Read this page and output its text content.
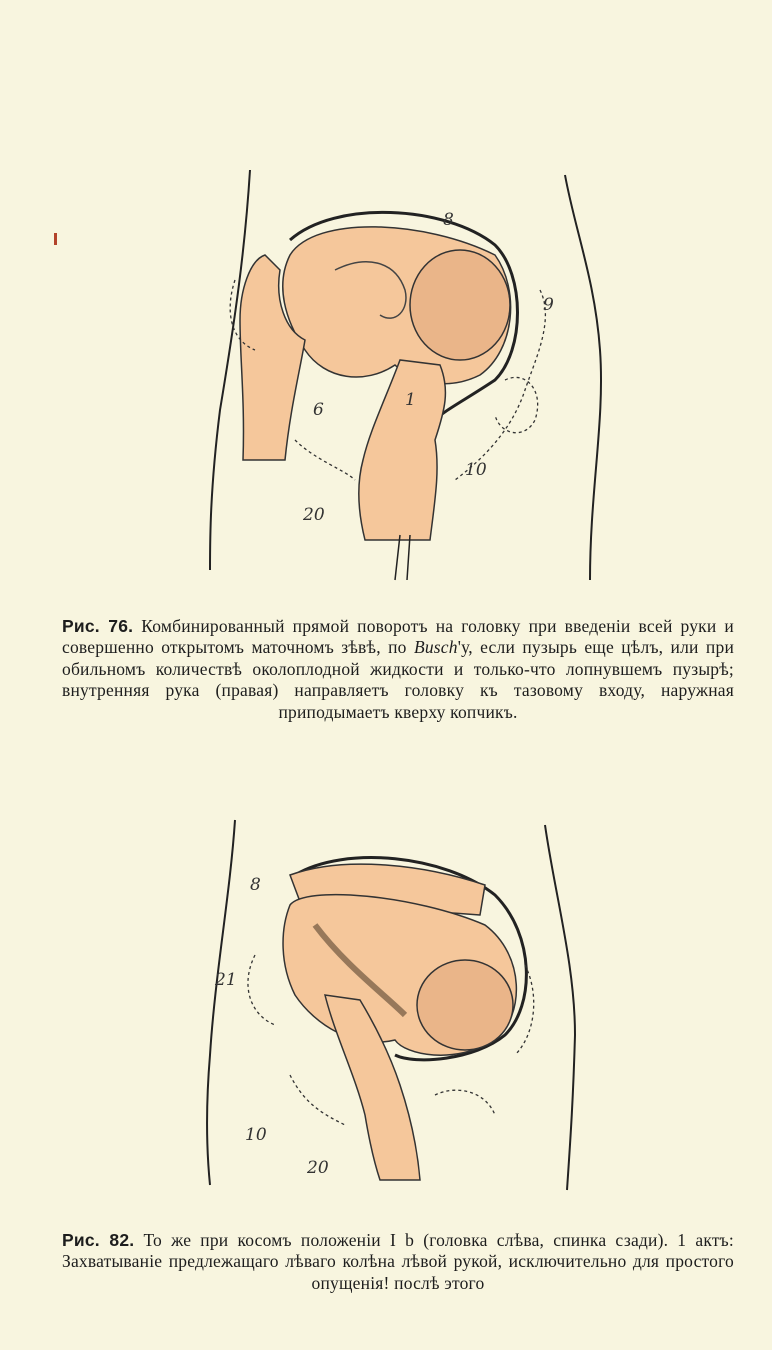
8
9
6	1
10
20

Рис. 76. Комбинированный прямой поворотъ на головку при введенiи всей руки и совершенно открытомъ маточномъ зѣвѣ, по Busch'у, если пузырь еще цѣлъ, или при обильномъ количествѣ околоплодной жидкости и только-что лопнувшемъ пузырѣ; внутренняя рука (правая) направляетъ головку къ тазовому входу, наружная приподымаетъ кверху копчикъ.

8
21
10
20

Рис. 82. То же при косомъ положенiи I b (головка слѣва, спинка сзади). 1 актъ: Захватыванiе предлежащаго лѣваго колѣна лѣвой рукой, исключительно для простого опущенiя! послѣ этого
